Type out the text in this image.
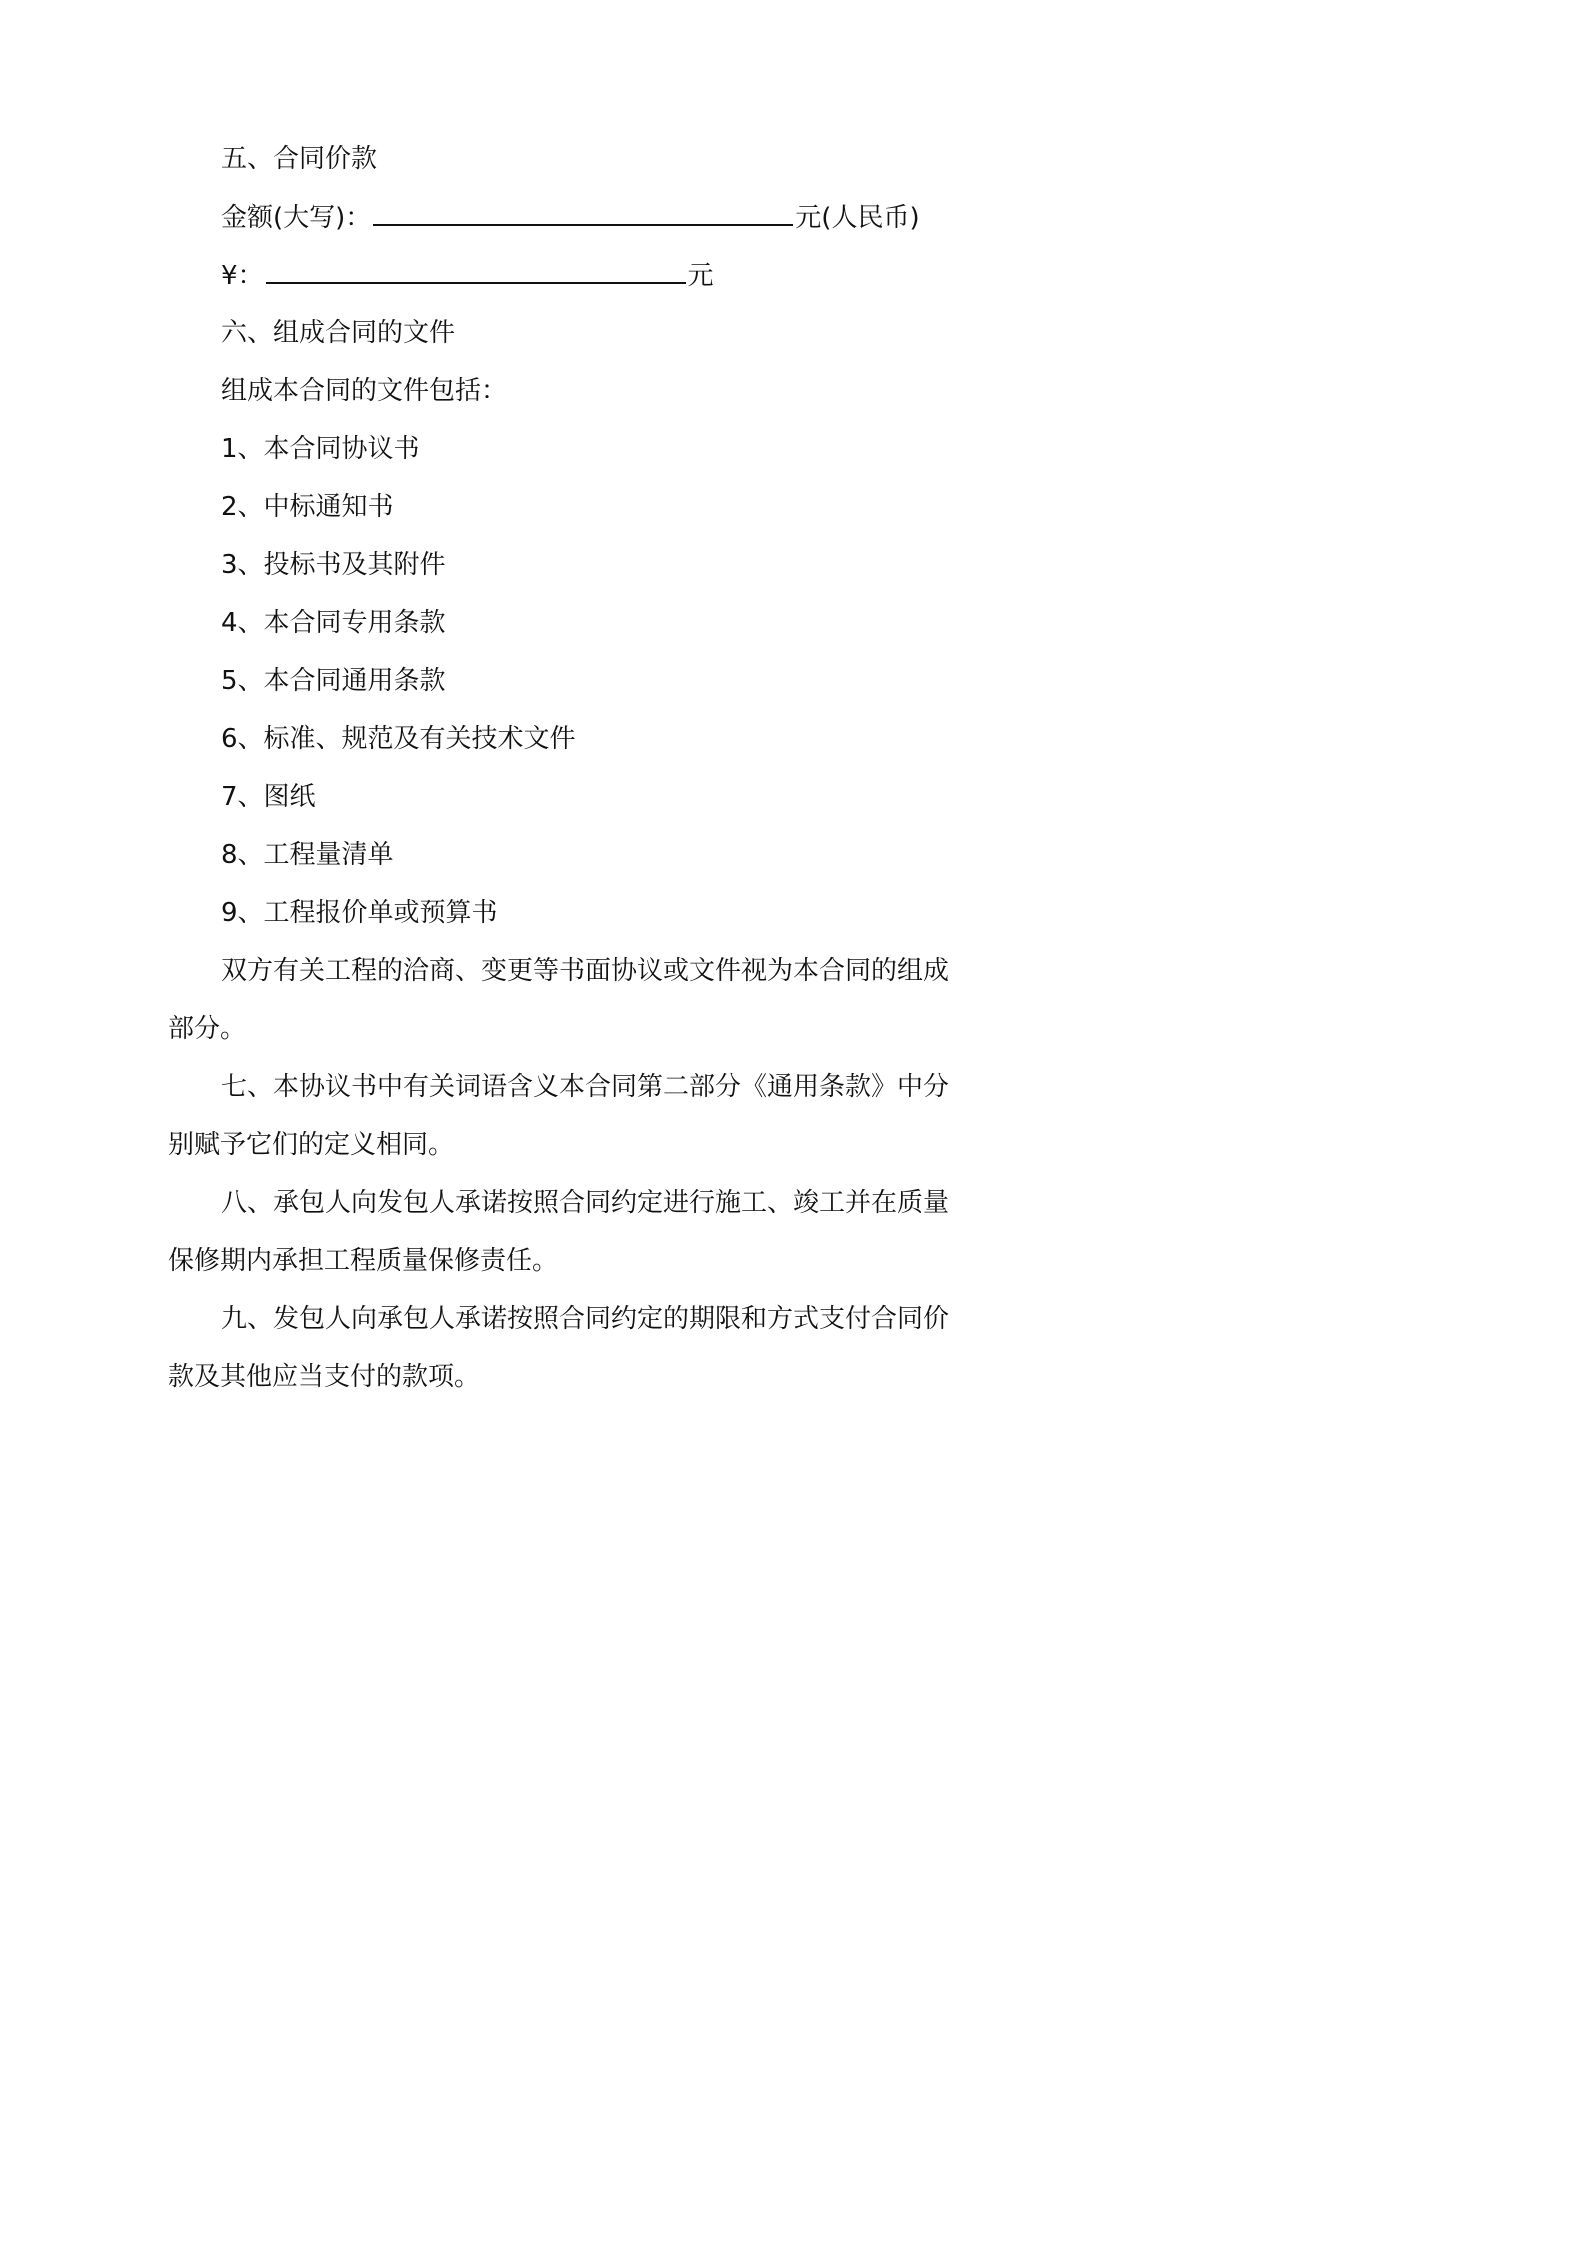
五、合同价款

金额(大写)：	元(人民币)

¥：	元

六、组成合同的文件

组成本合同的文件包括：

1、本合同协议书

2、中标通知书

3、投标书及其附件

4、本合同专用条款

5、本合同通用条款

6、标准、规范及有关技术文件

7、图纸

8、工程量清单

9、工程报价单或预算书

双方有关工程的洽商、变更等书面协议或文件视为本合同的组成

部分。

七、本协议书中有关词语含义本合同第二部分《通用条款》中分

别赋予它们的定义相同。

八、承包人向发包人承诺按照合同约定进行施工、竣工并在质量

保修期内承担工程质量保修责任。

九、发包人向承包人承诺按照合同约定的期限和方式支付合同价

款及其他应当支付的款项。
